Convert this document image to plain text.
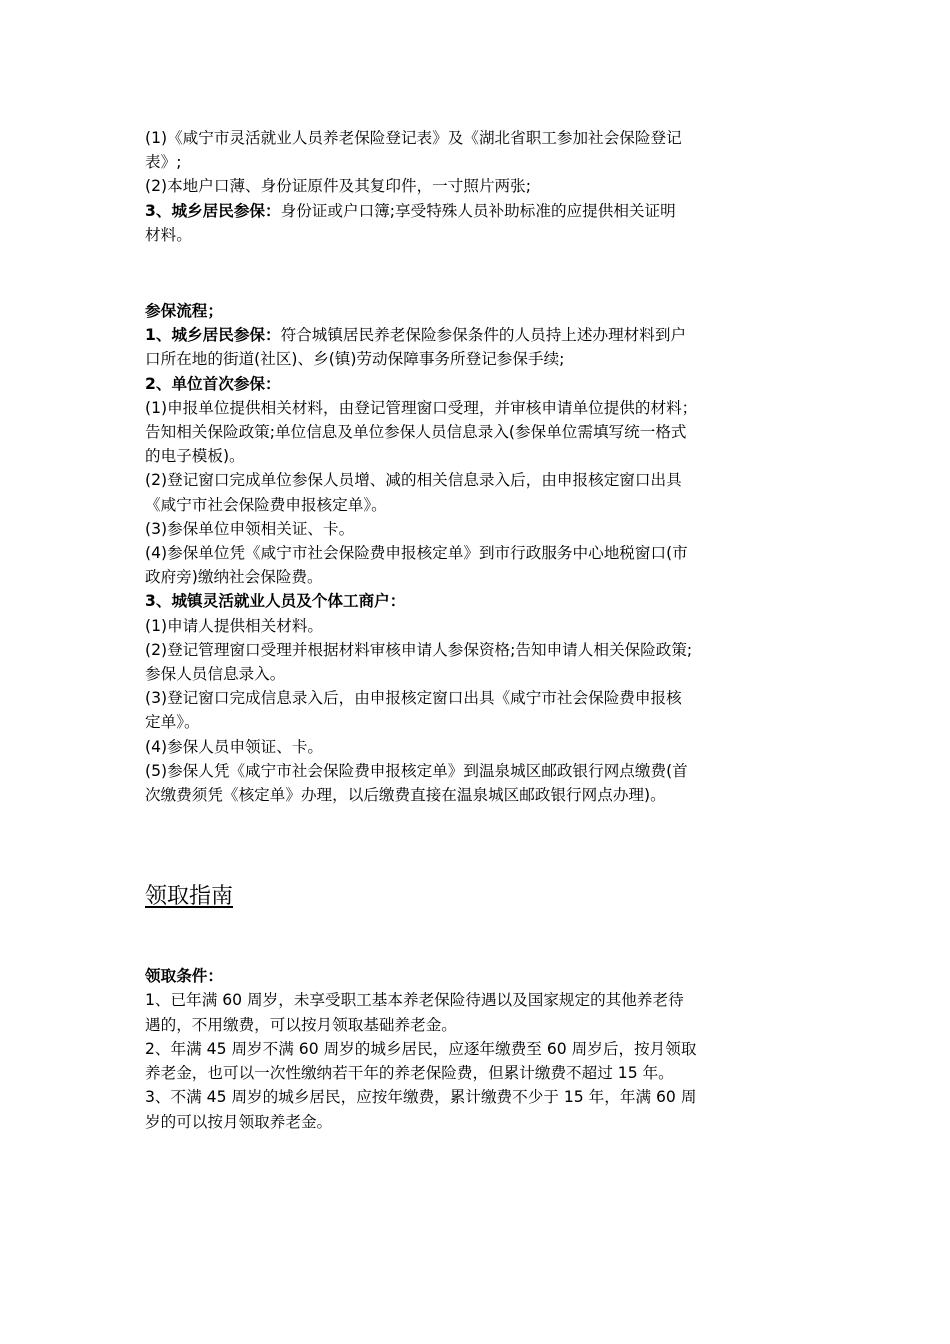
(1)《咸宁市灵活就业人员养老保险登记表》及《湖北省职工参加社会保险登记
表》;
(2)本地户口薄、身份证原件及其复印件，一寸照片两张;
3、城乡居民参保：身份证或户口簿;享受特殊人员补助标准的应提供相关证明
材料。
参保流程；
1、城乡居民参保：符合城镇居民养老保险参保条件的人员持上述办理材料到户
口所在地的街道(社区)、乡(镇)劳动保障事务所登记参保手续;
2、单位首次参保：
(1)申报单位提供相关材料，由登记管理窗口受理，并审核申请单位提供的材料；
告知相关保险政策;单位信息及单位参保人员信息录入(参保单位需填写统一格式
的电子模板)。
(2)登记窗口完成单位参保人员增、减的相关信息录入后，由申报核定窗口出具
《咸宁市社会保险费申报核定单》。
(3)参保单位申领相关证、卡。
(4)参保单位凭《咸宁市社会保险费申报核定单》到市行政服务中心地税窗口(市
政府旁)缴纳社会保险费。
3、城镇灵活就业人员及个体工商户：
(1)申请人提供相关材料。
(2)登记管理窗口受理并根据材料审核申请人参保资格;告知申请人相关保险政策;
参保人员信息录入。
(3)登记窗口完成信息录入后，由申报核定窗口出具《咸宁市社会保险费申报核
定单》。
(4)参保人员申领证、卡。
(5)参保人凭《咸宁市社会保险费申报核定单》到温泉城区邮政银行网点缴费(首
次缴费须凭《核定单》办理，以后缴费直接在温泉城区邮政银行网点办理)。
领取指南
领取条件：
1、已年满 60 周岁，未享受职工基本养老保险待遇以及国家规定的其他养老待
遇的，不用缴费，可以按月领取基础养老金。
2、年满 45 周岁不满 60 周岁的城乡居民，应逐年缴费至 60 周岁后，按月领取
养老金，也可以一次性缴纳若干年的养老保险费，但累计缴费不超过 15 年。
3、不满 45 周岁的城乡居民，应按年缴费，累计缴费不少于 15 年，年满 60 周
岁的可以按月领取养老金。
